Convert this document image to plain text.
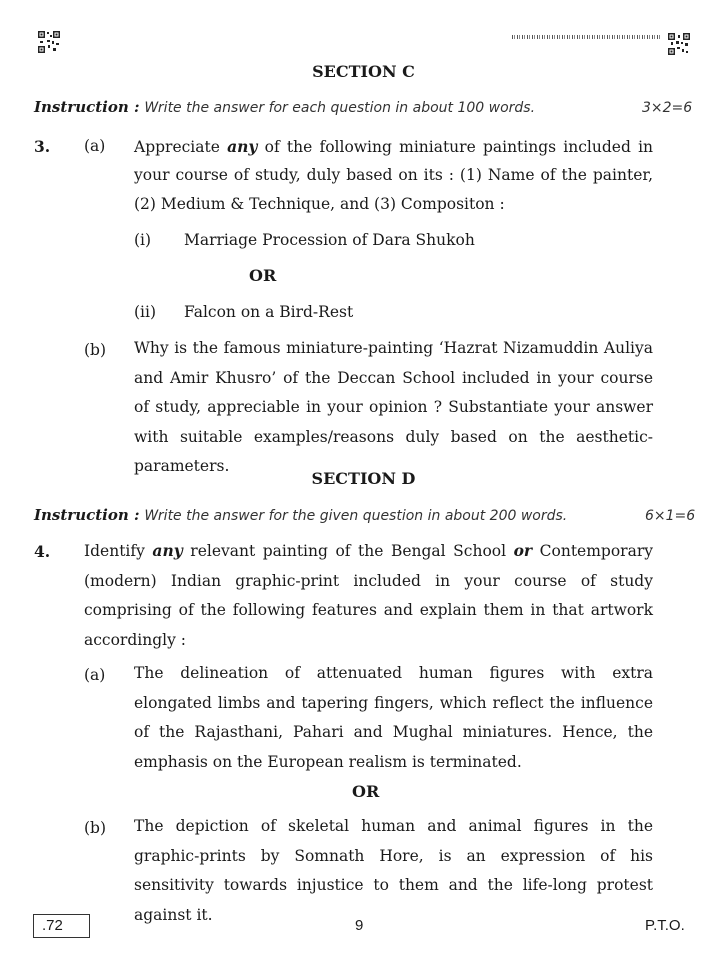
SECTION C
Instruction : Write the answer for each question in about 100 words.	3×2=6
3. (a) Appreciate any of the following miniature paintings included in
your course of study, duly based on its : (1) Name of the painter,
(2) Medium & Technique, and (3) Compositon :
(i) Marriage Procession of Dara Shukoh
OR
(ii) Falcon on a Bird-Rest
(b) Why is the famous miniature-painting ‘Hazrat Nizamuddin Auliya and Amir Khusro’ of the Deccan School included in your course of study, appreciable in your opinion ? Substantiate your answer with suitable examples/reasons duly based on the aesthetic-parameters.
SECTION D
Instruction : Write the answer for the given question in about 200 words.	6×1=6
4. Identify any relevant painting of the Bengal School or Contemporary (modern) Indian graphic-print included in your course of study comprising of the following features and explain them in that artwork accordingly :
(a) The delineation of attenuated human figures with extra elongated limbs and tapering fingers, which reflect the influence of the Rajasthani, Pahari and Mughal miniatures. Hence, the emphasis on the European realism is terminated.
OR
(b) The depiction of skeletal human and animal figures in the graphic-prints by Somnath Hore, is an expression of his sensitivity towards injustice to them and the life-long protest against it.
.72	9	P.T.O.
